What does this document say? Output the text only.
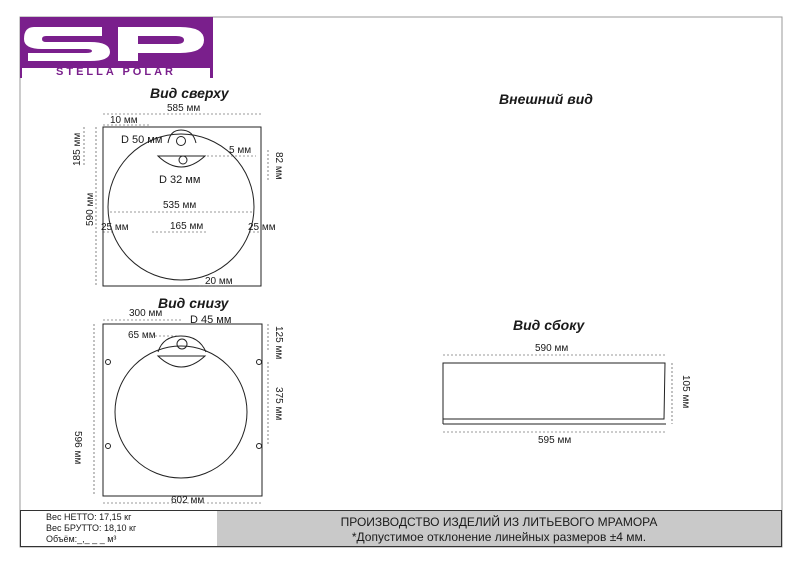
STELLA POLAR
Вид сверху	Внешний вид
Вид снизу
Вид сбоку
585 мм
10 мм
D 50 мм
185 мм	5 мм
82 мм
D 32 мм
590 мм	535 мм
25 мм	165 мм	25 мм
20 мм
300 мм
D 45 мм
65 мм	125 мм
596 мм
375 мм
602 мм
590 мм
105 мм
595 мм
Вес НЕТТО: 17,15 кг
Вес БРУТТО: 18,10 кг
Объём:_,_ _ _ м³
ПРОИЗВОДСТВО ИЗДЕЛИЙ ИЗ ЛИТЬЕВОГО МРАМОРА
*Допустимое отклонение линейных размеров ±4 мм.
